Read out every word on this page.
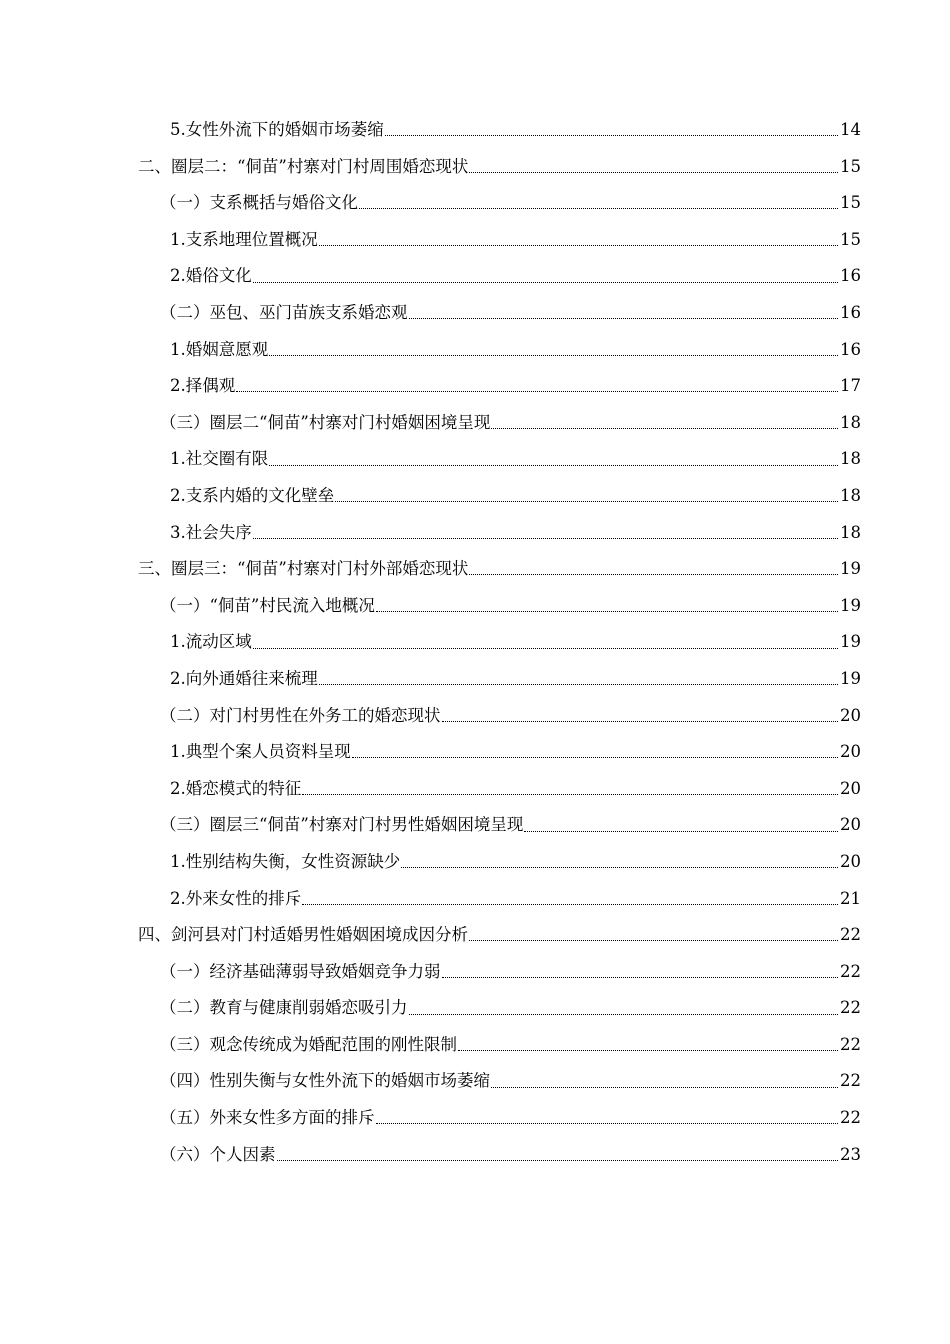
5.女性外流下的婚姻市场萎缩	14
二、圈层二：“侗苗”村寨对门村周围婚恋现状	15
（一）支系概括与婚俗文化	15
1.支系地理位置概况	15
2.婚俗文化	16
（二）巫包、巫门苗族支系婚恋观	16
1.婚姻意愿观	16
2.择偶观	17
（三）圈层二“侗苗”村寨对门村婚姻困境呈现	18
1.社交圈有限	18
2.支系内婚的文化壁垒	18
3.社会失序	18
三、圈层三：“侗苗”村寨对门村外部婚恋现状	19
（一）“侗苗”村民流入地概况	19
1.流动区域	19
2.向外通婚往来梳理	19
（二）对门村男性在外务工的婚恋现状	20
1.典型个案人员资料呈现	20
2.婚恋模式的特征	20
（三）圈层三“侗苗”村寨对门村男性婚姻困境呈现	20
1.性别结构失衡，女性资源缺少	20
2.外来女性的排斥	21
四、剑河县对门村适婚男性婚姻困境成因分析	22
（一）经济基础薄弱导致婚姻竞争力弱	22
（二）教育与健康削弱婚恋吸引力	22
（三）观念传统成为婚配范围的刚性限制	22
（四）性别失衡与女性外流下的婚姻市场萎缩	22
（五）外来女性多方面的排斥	22
（六）个人因素	23
